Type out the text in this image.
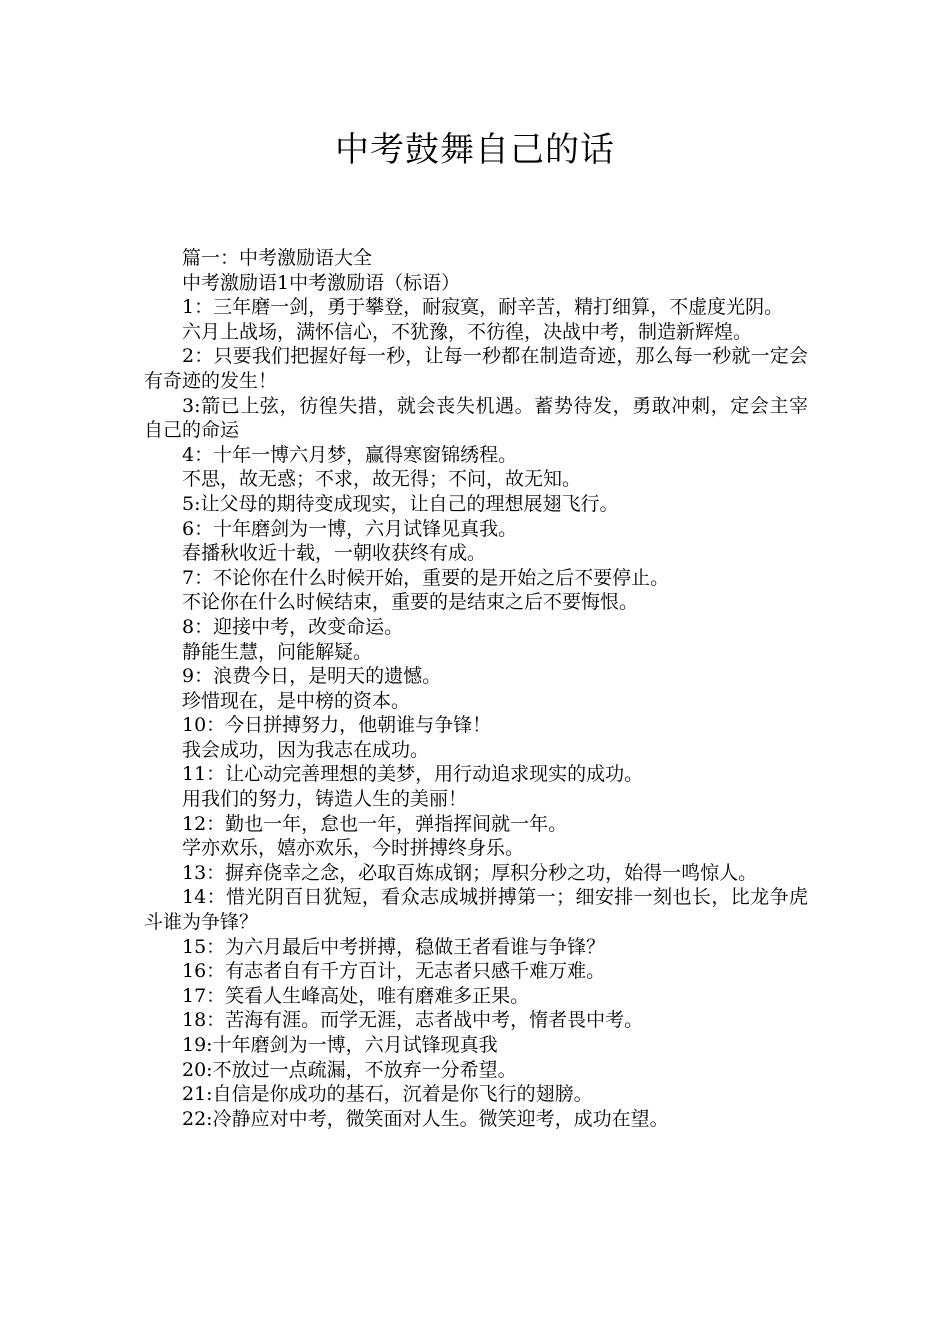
中考鼓舞自己的话

篇一：中考激励语大全

中考激励语1中考激励语（标语）

1：三年磨一剑，勇于攀登，耐寂寞，耐辛苦，精打细算，不虚度光阴。

六月上战场，满怀信心，不犹豫，不彷徨，决战中考，制造新辉煌。

2：只要我们把握好每一秒，让每一秒都在制造奇迹，那么每一秒就一定会有奇迹的发生！

3:箭已上弦，彷徨失措，就会丧失机遇。蓄势待发，勇敢冲刺，定会主宰自己的命运

4：十年一博六月梦，赢得寒窗锦绣程。

不思，故无惑；不求，故无得；不问，故无知。

5:让父母的期待变成现实，让自己的理想展翅飞行。

6：十年磨剑为一博，六月试锋见真我。

春播秋收近十载，一朝收获终有成。

7：不论你在什么时候开始，重要的是开始之后不要停止。

不论你在什么时候结束，重要的是结束之后不要悔恨。

8：迎接中考，改变命运。

静能生慧，问能解疑。

9：浪费今日，是明天的遗憾。

珍惜现在，是中榜的资本。

10：今日拼搏努力，他朝谁与争锋！

我会成功，因为我志在成功。

11：让心动完善理想的美梦，用行动追求现实的成功。

用我们的努力，铸造人生的美丽！

12：勤也一年，怠也一年，弹指挥间就一年。

学亦欢乐，嬉亦欢乐，今时拼搏终身乐。

13：摒弃侥幸之念，必取百炼成钢；厚积分秒之功，始得一鸣惊人。

14：惜光阴百日犹短，看众志成城拼搏第一；细安排一刻也长，比龙争虎斗谁为争锋？

15：为六月最后中考拼搏，稳做王者看谁与争锋？

16：有志者自有千方百计，无志者只感千难万难。

17：笑看人生峰高处，唯有磨难多正果。

18：苦海有涯。而学无涯，志者战中考，惰者畏中考。

19:十年磨剑为一博，六月试锋现真我

20:不放过一点疏漏，不放弃一分希望。

21:自信是你成功的基石，沉着是你飞行的翅膀。

22:冷静应对中考，微笑面对人生。微笑迎考，成功在望。
